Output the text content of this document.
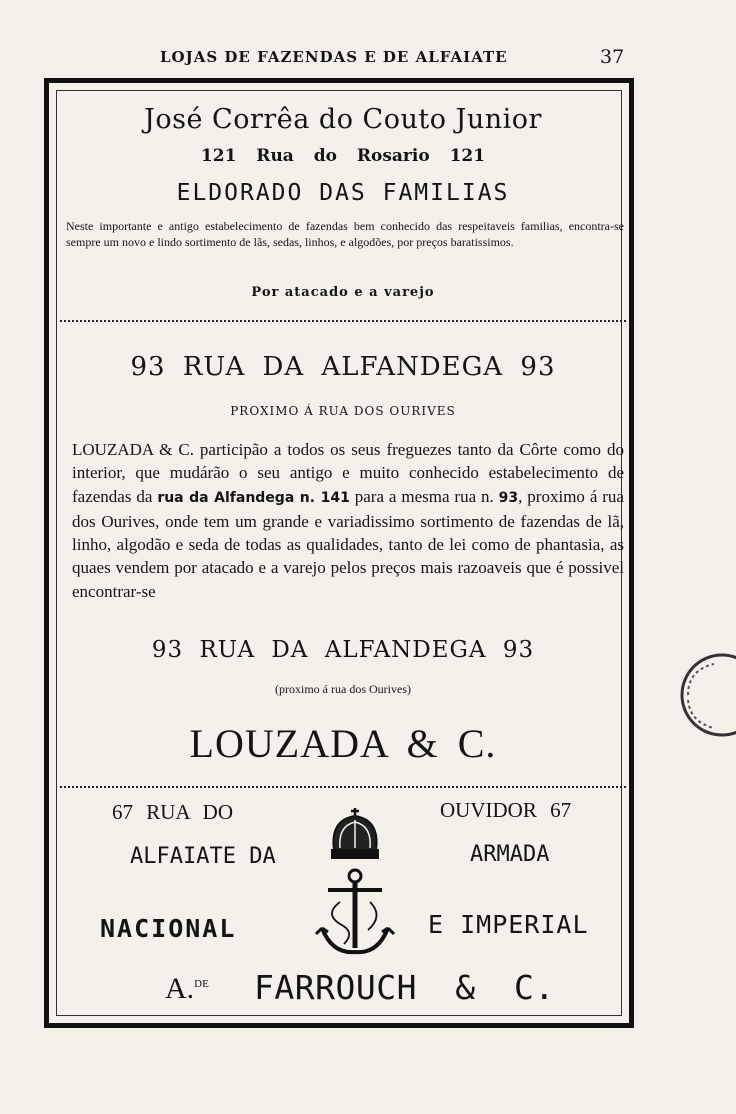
LOJAS DE FAZENDAS E DE ALFAIATE	37
José Corrêa do Couto Junior
121 Rua do Rosario 121
ELDORADO DAS FAMILIAS
Neste importante e antigo estabelecimento de fazendas bem conhecido das respeitaveis familias, encontra-se sempre um novo e lindo sortimento de lãs, sedas, linhos, e algodões, por preços baratissimos.
Por atacado e a varejo
93 RUA DA ALFANDEGA 93
PROXIMO Á RUA DOS OURIVES
LOUZADA & C. participão a todos os seus freguezes tanto da Côrte como do interior, que mudárão o seu antigo e muito conhecido estabelecimento de fazendas da rua da Alfandega n. 141 para a mesma rua n. 93, proximo á rua dos Ourives, onde tem um grande e variadissimo sortimento de fazendas de lã, linho, algodão e seda de todas as qualidades, tanto de lei como de phantasia, as quaes vendem por atacado e a varejo pelos preços mais razoaveis que é possivel encontrar-se
93 RUA DA ALFANDEGA 93
(proximo á rua dos Ourives)
LOUZADA & C.
67 RUA DO	OUVIDOR 67
ALFAIATE DA	ARMADA
NACIONAL	E IMPERIAL
A.$^{DE}$ FARROUCH & C.
